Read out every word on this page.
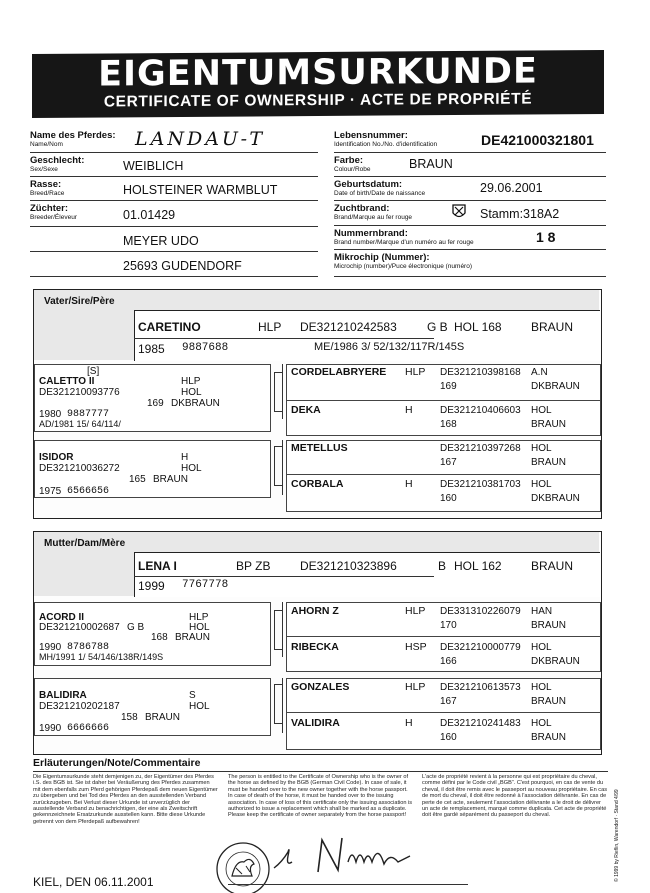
EIGENTUMSURKUNDE
CERTIFICATE OF OWNERSHIP · ACTE DE PROPRIÉTÉ
Name des Pferdes:
Name/Nom	LANDAU-T
Geschlecht:
Sex/Sexe	WEIBLICH
Rasse:
Breed/Race	HOLSTEINER WARMBLUT
Züchter:
Breeder/Éleveur	01.01429
MEYER UDO
25693 GUDENDORF
Lebensnummer:
Identification No./No. d'identification	DE421000321801
Farbe:
Colour/Robe	BRAUN
Geburtsdatum:
Date of birth/Date de naissance	29.06.2001
Zuchtbrand:
Brand/Marque au fer rouge	Stamm:318A2
Nummernbrand:
Brand number/Marque d'un numéro au fer rouge	1 8
Mikrochip (Nummer):
Microchip (number)/Puce électronique (numéro)
Vater/Sire/Père
CARETINO	HLP DE321210242583	G B HOL 168 BRAUN
1985 9887688	ME/1986 3/ 52/132/117R/145S
[S]
CALETTO II	HLP
DE321210093776	HOL
169 DKBRAUN
1980 9887777
AD/1981 15/ 64/114/
ISIDOR	H
DE321210036272	HOL
165 BRAUN
1975 6566656
CORDELABRYERE HLP DE321210398168 A.N
169	DKBRAUN
DEKA	H	DE321210406603 HOL
168	BRAUN
METELLUS	DE321210397268 HOL
167	BRAUN
CORBALA	H	DE321210381703 HOL
160	DKBRAUN
Mutter/Dam/Mère
LENA I	BP ZB DE321210323896	B HOL 162 BRAUN
1999 7767778
ACORD II	HLP
DE321210002687 G B	HOL
168 BRAUN
1990 8786788
MH/1991 1/ 54/146/138R/149S
BALIDIRA	S
DE321210202187	HOL
158 BRAUN
1990 6666666
AHORN Z	HLP DE331310226079 HAN
170	BRAUN
RIBECKA	HSP DE321210000779 HOL
166	DKBRAUN
GONZALES	HLP DE321210613573 HOL
167	BRAUN
VALIDIRA	H	DE321210241483 HOL
160	BRAUN
Erläuterungen/Note/Commentaire
Die Eigentumsurkunde steht demjenigen zu, der Eigentümer des Pferdes i.S. des BGB ist. Sie ist daher bei Veräußerung des Pferdes zusammen mit dem ebenfalls zum Pferd gehörigen Pferdepaß dem neuen Eigentümer zu übergeben und bei Tod des Pferdes an den ausstellenden Verband zurückzugeben. Bei Verlust dieser Urkunde ist unverzüglich der ausstellende Verband zu benachrichtigen, der eine als Zweitschrift gekennzeichnete Ersatzurkunde ausstellen kann. Bitte diese Urkunde getrennt von dem Pferdepaß aufbewahren!
The person is entitled to the Certificate of Ownership who is the owner of the horse as defined by the BGB (German Civil Code). In case of sale, it must be handed over to the new owner together with the horse passport. In case of death of the horse, it must be handed over to the issuing association. In case of loss of this certificate only the issuing association is authorized to issue a replacement which shall be marked as a duplicate. Please keep the certificate of owner separately from the horse passport!
L'acte de propriété revient à la personne qui est propriétaire du cheval, comme défini par le Code civil „BGB“. C'est pourquoi, en cas de vente du cheval, il doit être remis avec le passeport au nouveau propriétaire. En cas de mort du cheval, il doit être redonné à l'association délivrante. En cas de perte de cet acte, seulement l'association délivrante a le droit de délivrer un acte de remplacement, marqué comme duplicata. Cet acte de propriété doit être gardé séparément du passeport du cheval.	© 1999 by Rieflin, Warendorf · Stand 4/99
KIEL, DEN 06.11.2001
